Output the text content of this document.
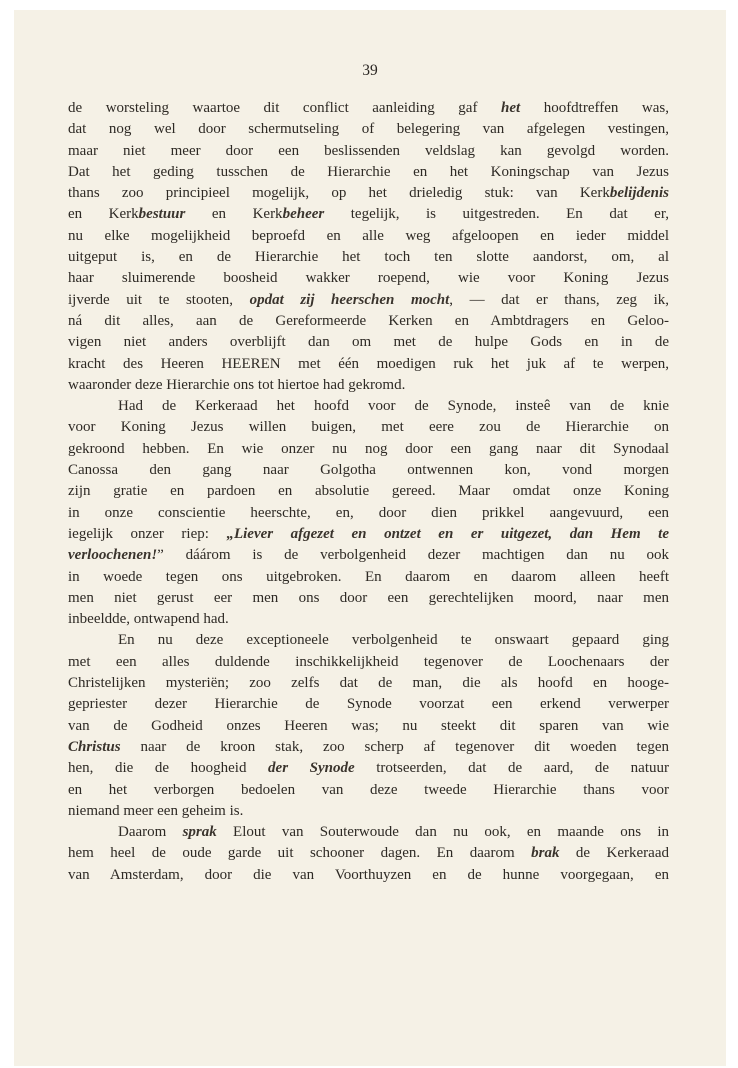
39
de worsteling waartoe dit conflict aanleiding gaf het hoofdtreffen was,
dat nog wel door schermutseling of belegering van afgelegen vestingen,
maar niet meer door een beslissenden veldslag kan gevolgd worden.
Dat het geding tusschen de Hierarchie en het Koningschap van Jezus
thans zoo principieel mogelijk, op het drieledig stuk: van Kerkbelijdenis
en Kerkbestuur en Kerkbeheer tegelijk, is uitgestreden. En dat er,
nu elke mogelijkheid beproefd en alle weg afgeloopen en ieder middel
uitgeput is, en de Hierarchie het toch ten slotte aandorst, om, al
haar sluimerende boosheid wakker roepend, wie voor Koning Jezus
ijverde uit te stooten, opdat zij heerschen mocht, — dat er thans, zeg ik,
ná dit alles, aan de Gereformeerde Kerken en Ambtdragers en Geloo-
vigen niet anders overblijft dan om met de hulpe Gods en in de
kracht des Heeren HEEREN met één moedigen ruk het juk af te werpen,
waaronder deze Hierarchie ons tot hiertoe had gekromd.
Had de Kerkeraad het hoofd voor de Synode, insteê van de knie
voor Koning Jezus willen buigen, met eere zou de Hierarchie on
gekroond hebben. En wie onzer nu nog door een gang naar dit Synodaal
Canossa den gang naar Golgotha ontwennen kon, vond morgen
zijn gratie en pardoen en absolutie gereed. Maar omdat onze Koning
in onze conscientie heerschte, en, door dien prikkel aangevuurd, een
iegelijk onzer riep: „Liever afgezet en ontzet en er uitgezet, dan Hem te
verloochenen!” dáárom is de verbolgenheid dezer machtigen dan nu ook
in woede tegen ons uitgebroken. En daarom en daarom alleen heeft
men niet gerust eer men ons door een gerechtelijken moord, naar men
inbeeldde, ontwapend had.
En nu deze exceptioneele verbolgenheid te onswaart gepaard ging
met een alles duldende inschikkelijkheid tegenover de Loochenaars der
Christelijken mysteriën; zoo zelfs dat de man, die als hoofd en hooge-
gepriester dezer Hierarchie de Synode voorzat een erkend verwerper
van de Godheid onzes Heeren was; nu steekt dit sparen van wie
Christus naar de kroon stak, zoo scherp af tegenover dit woeden tegen
hen, die de hoogheid der Synode trotseerden, dat de aard, de natuur
en het verborgen bedoelen van deze tweede Hierarchie thans voor
niemand meer een geheim is.
Daarom sprak Elout van Souterwoude dan nu ook, en maande ons in
hem heel de oude garde uit schooner dagen. En daarom brak de Kerkeraad
van Amsterdam, door die van Voorthuyzen en de hunne voorgegaan, en
